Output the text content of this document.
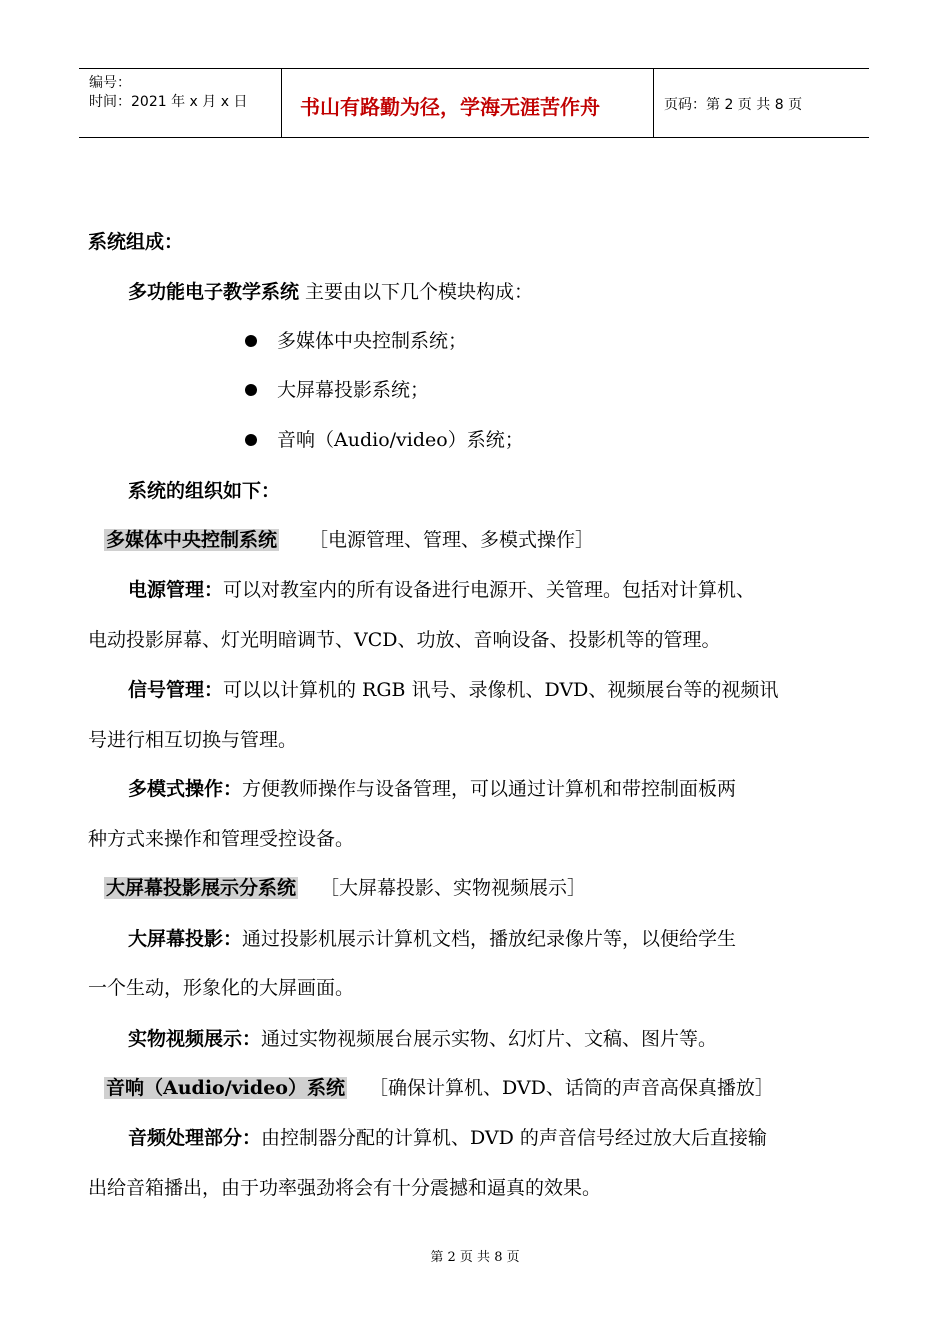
编号：
时间：2021 年 x 月 x 日	书山有路勤为径，学海无涯苦作舟	页码：第 2 页 共 8 页
系统组成：
多功能电子教学系统 主要由以下几个模块构成：
多媒体中央控制系统；
大屏幕投影系统；
音响（Audio/video）系统；
系统的组织如下：
多媒体中央控制系统 ［电源管理、管理、多模式操作］
电源管理：可以对教室内的所有设备进行电源开、关管理。包括对计算机、
电动投影屏幕、灯光明暗调节、VCD、功放、音响设备、投影机等的管理。
信号管理：可以以计算机的 RGB 讯号、录像机、DVD、视频展台等的视频讯
号进行相互切换与管理。
多模式操作：方便教师操作与设备管理，可以通过计算机和带控制面板两
种方式来操作和管理受控设备。
大屏幕投影展示分系统 ［大屏幕投影、实物视频展示］
大屏幕投影：通过投影机展示计算机文档，播放纪录像片等，以便给学生
一个生动，形象化的大屏画面。
实物视频展示：通过实物视频展台展示实物、幻灯片、文稿、图片等。
音响（Audio/video）系统 ［确保计算机、DVD、话筒的声音高保真播放］
音频处理部分：由控制器分配的计算机、DVD 的声音信号经过放大后直接输
出给音箱播出，由于功率强劲将会有十分震撼和逼真的效果。
第 2 页 共 8 页
